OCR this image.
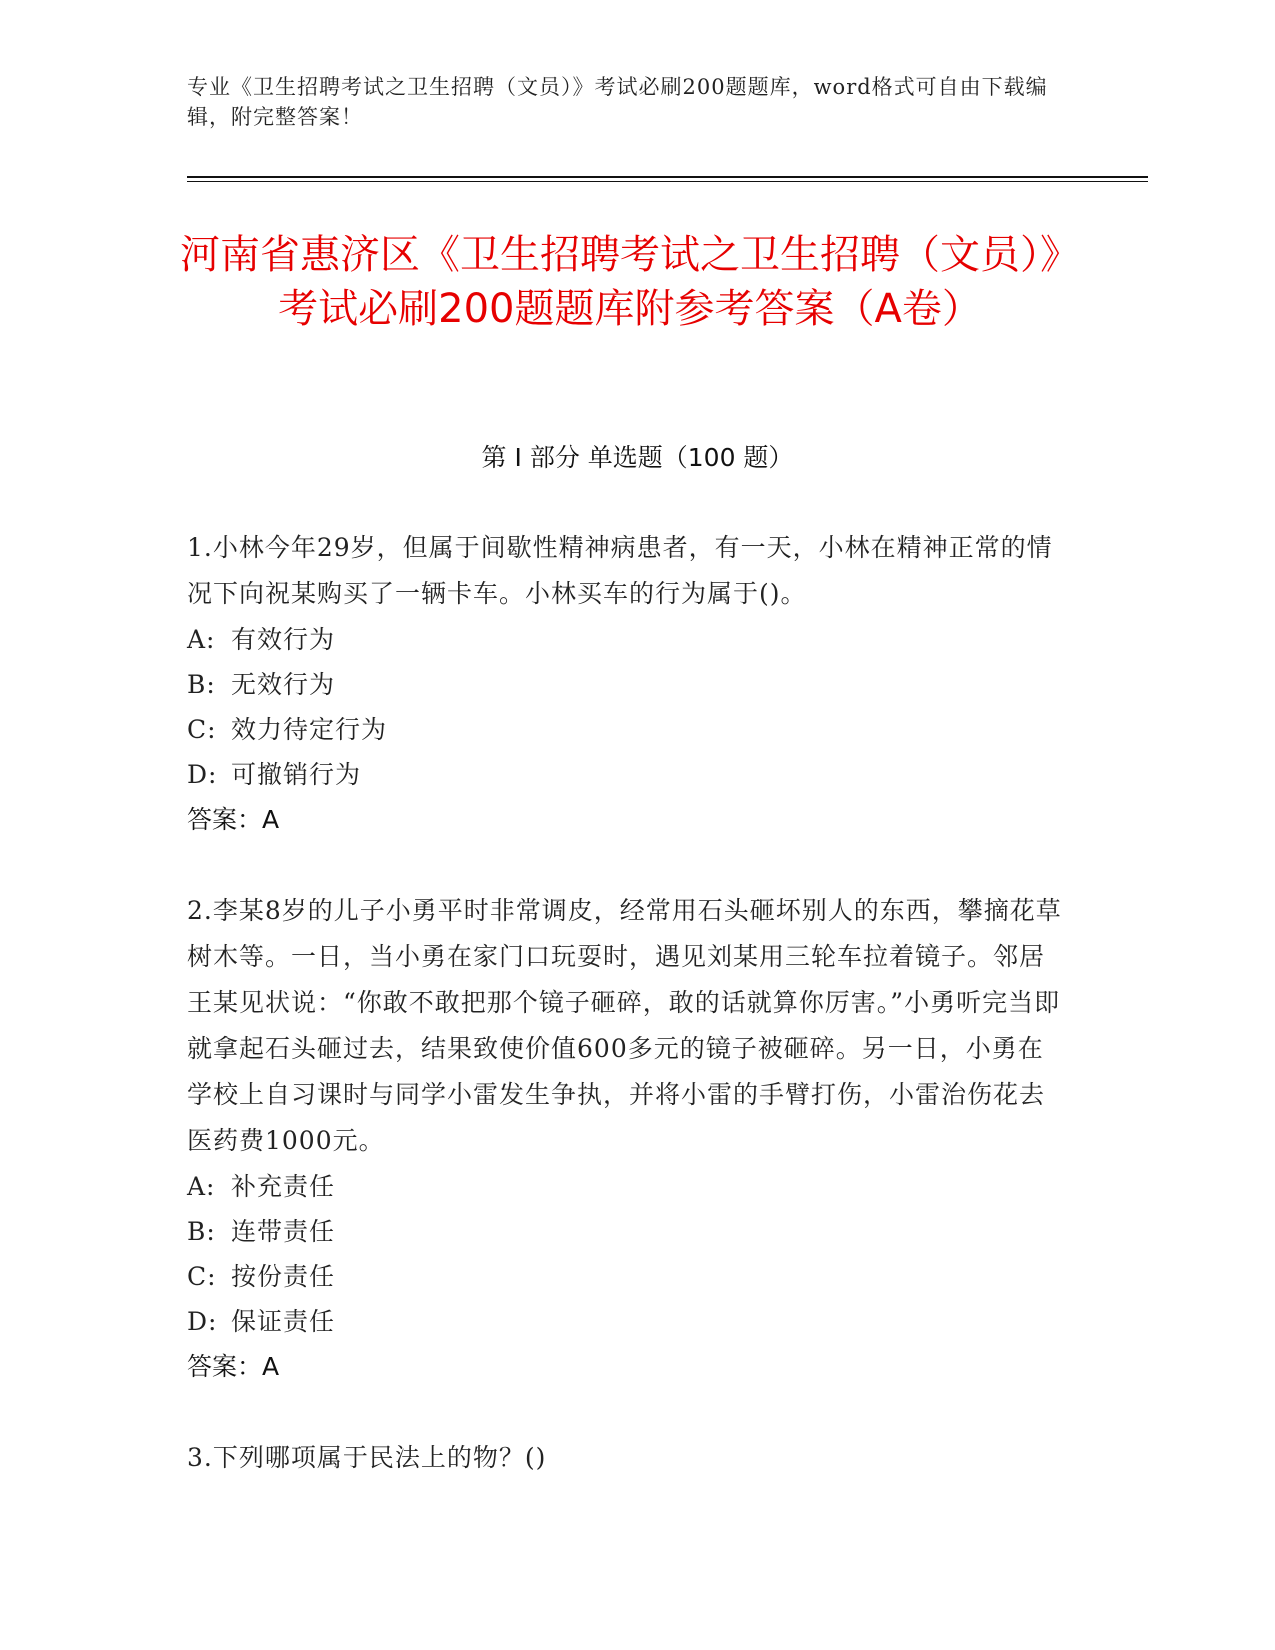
专业《卫生招聘考试之卫生招聘（文员）》考试必刷200题题库，word格式可自由下载编辑，附完整答案！
河南省惠济区《卫生招聘考试之卫生招聘（文员）》考试必刷200题题库附参考答案（A卷）
第 I 部分 单选题（100 题）

1.小林今年29岁，但属于间歇性精神病患者，有一天，小林在精神正常的情况下向祝某购买了一辆卡车。小林买车的行为属于()。

A: 有效行为

B: 无效行为

C: 效力待定行为

D: 可撤销行为

答案：A

2.李某8岁的儿子小勇平时非常调皮，经常用石头砸坏别人的东西，攀摘花草树木等。一日，当小勇在家门口玩耍时，遇见刘某用三轮车拉着镜子。邻居王某见状说：“你敢不敢把那个镜子砸碎，敢的话就算你厉害。”小勇听完当即就拿起石头砸过去，结果致使价值600多元的镜子被砸碎。另一日，小勇在学校上自习课时与同学小雷发生争执，并将小雷的手臂打伤，小雷治伤花去医药费1000元。

A: 补充责任

B: 连带责任

C: 按份责任

D: 保证责任

答案：A

3.下列哪项属于民法上的物？()
